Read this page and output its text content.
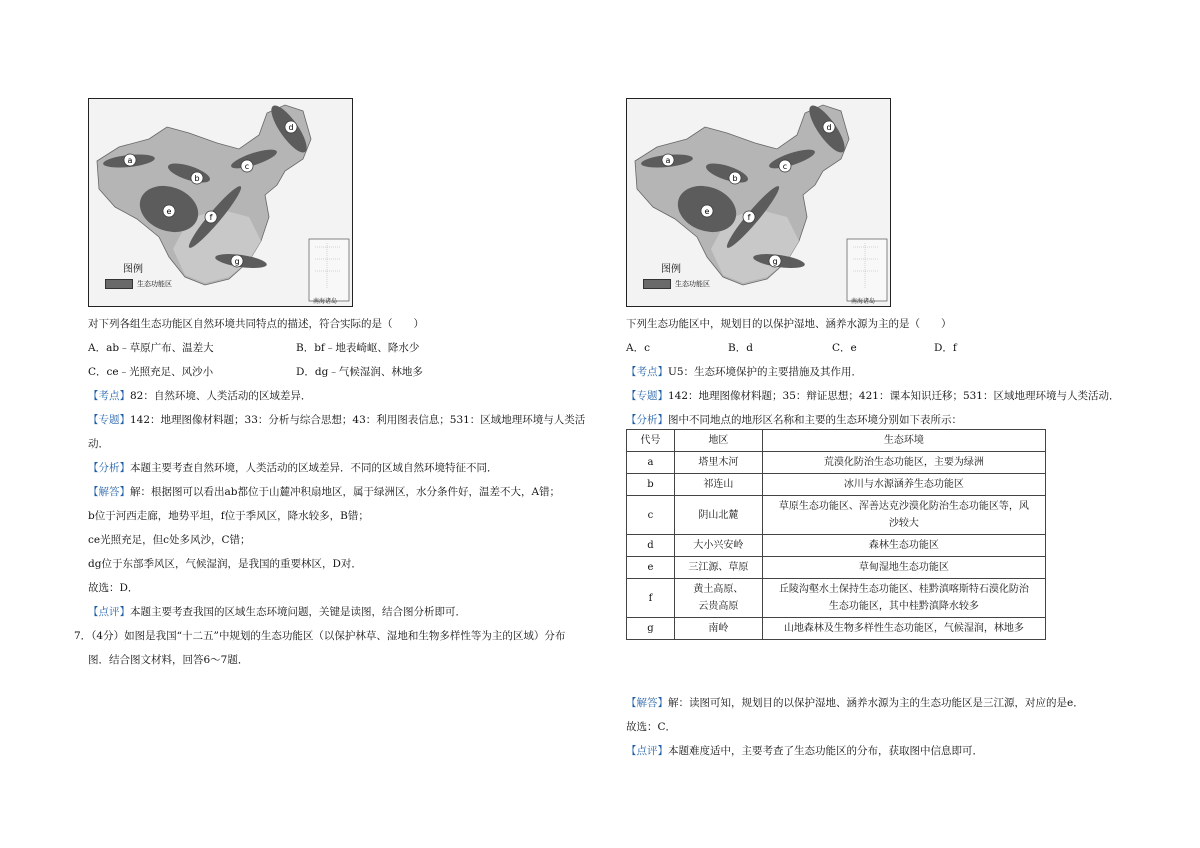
a
b
c
d
e
f
g
图例
生态功能区
南海诸岛
a
b
c
d
e
f
g
图例
生态功能区
南海诸岛
对下列各组生态功能区自然环境共同特点的描述，符合实际的是（　　）
A．ab﹣草原广布、温差大	B．bf﹣地表崎岖、降水少
C．ce﹣光照充足、风沙小	D．dg﹣气候湿润、林地多
【考点】82：自然环境、人类活动的区域差异．
【专题】142：地理图像材料题；33：分析与综合思想；43：利用图表信息；531：区域地理环境与人类活
动．
【分析】本题主要考查自然环境，人类活动的区域差异．不同的区域自然环境特征不同．
【解答】解：根据图可以看出ab都位于山麓冲积扇地区，属于绿洲区，水分条件好，温差不大，A错；
b位于河西走廊，地势平坦，f位于季风区，降水较多，B错；
ce光照充足，但c处多风沙，C错；
dg位于东部季风区，气候湿润，是我国的重要林区，D对．
故选：D．
【点评】本题主要考查我国的区域生态环境问题，关键是读图，结合图分析即可．
7．（4分）如图是我国“十二五”中规划的生态功能区（以保护林草、湿地和生物多样性等为主的区域）分布
图．结合图文材料，回答6～7题．
下列生态功能区中，规划目的以保护湿地、涵养水源为主的是（　　）
A．c	B．d	C．e	D．f
【考点】U5：生态环境保护的主要措施及其作用．
【专题】142：地理图像材料题；35：辩证思想；421：课本知识迁移；531：区域地理环境与人类活动．
【分析】图中不同地点的地形区名称和主要的生态环境分别如下表所示：
代号	地区	生态环境
a	塔里木河	荒漠化防治生态功能区，主要为绿洲
b	祁连山	冰川与水源涵养生态功能区
c	阴山北麓	草原生态功能区、浑善达克沙漠化防治生态功能区等，风沙较大
d	大小兴安岭	森林生态功能区
e	三江源、草原	草甸湿地生态功能区
f	黄土高原、云贵高原	丘陵沟壑水土保持生态功能区、桂黔滇喀斯特石漠化防治生态功能区，其中桂黔滇降水较多
g	南岭	山地森林及生物多样性生态功能区，气候湿润，林地多
【解答】解：读图可知，规划目的以保护湿地、涵养水源为主的生态功能区是三江源，对应的是e．
故选：C．
【点评】本题难度适中，主要考查了生态功能区的分布，获取图中信息即可．
